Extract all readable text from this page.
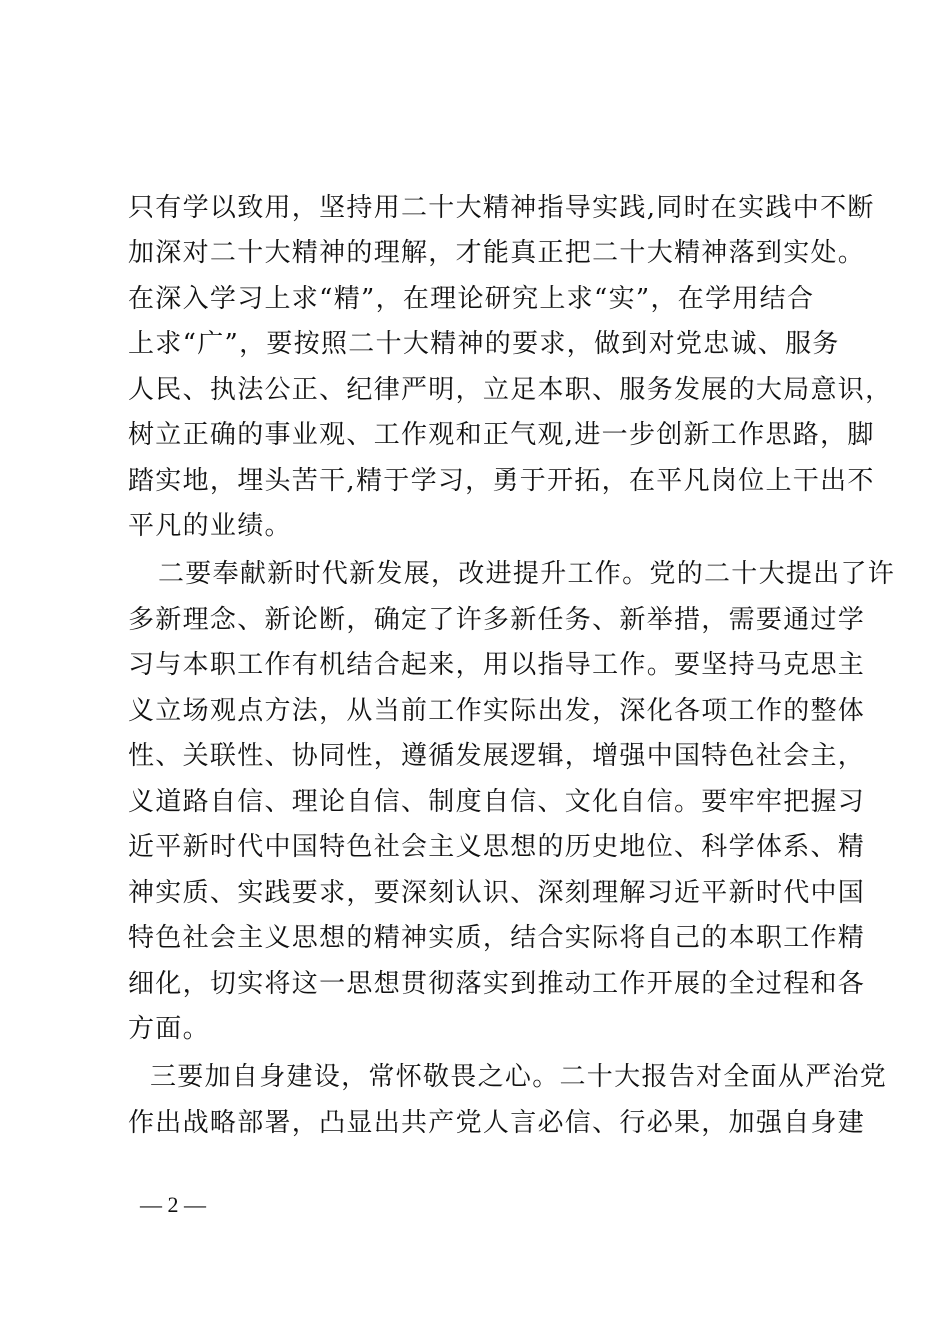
只有学以致用，坚持用二十大精神指导实践,同时在实践中不断
加深对二十大精神的理解，才能真正把二十大精神落到实处。
在深入学习上求“精”，在理论研究上求“实”，在学用结合
上求“广”，要按照二十大精神的要求，做到对党忠诚、服务
人民、执法公正、纪律严明，立足本职、服务发展的大局意识，
树立正确的事业观、工作观和正气观,进一步创新工作思路，脚
踏实地，埋头苦干,精于学习，勇于开拓，在平凡岗位上干出不
平凡的业绩。
二要奉献新时代新发展，改进提升工作。党的二十大提出了许
多新理念、新论断，确定了许多新任务、新举措，需要通过学
习与本职工作有机结合起来，用以指导工作。要坚持马克思主
义立场观点方法，从当前工作实际出发，深化各项工作的整体
性、关联性、协同性，遵循发展逻辑，增强中国特色社会主，
义道路自信、理论自信、制度自信、文化自信。要牢牢把握习
近平新时代中国特色社会主义思想的历史地位、科学体系、精
神实质、实践要求，要深刻认识、深刻理解习近平新时代中国
特色社会主义思想的精神实质，结合实际将自己的本职工作精
细化，切实将这一思想贯彻落实到推动工作开展的全过程和各
方面。
三要加自身建设，常怀敬畏之心。二十大报告对全面从严治党
作出战略部署，凸显出共产党人言必信、行必果，加强自身建
— 2 —
